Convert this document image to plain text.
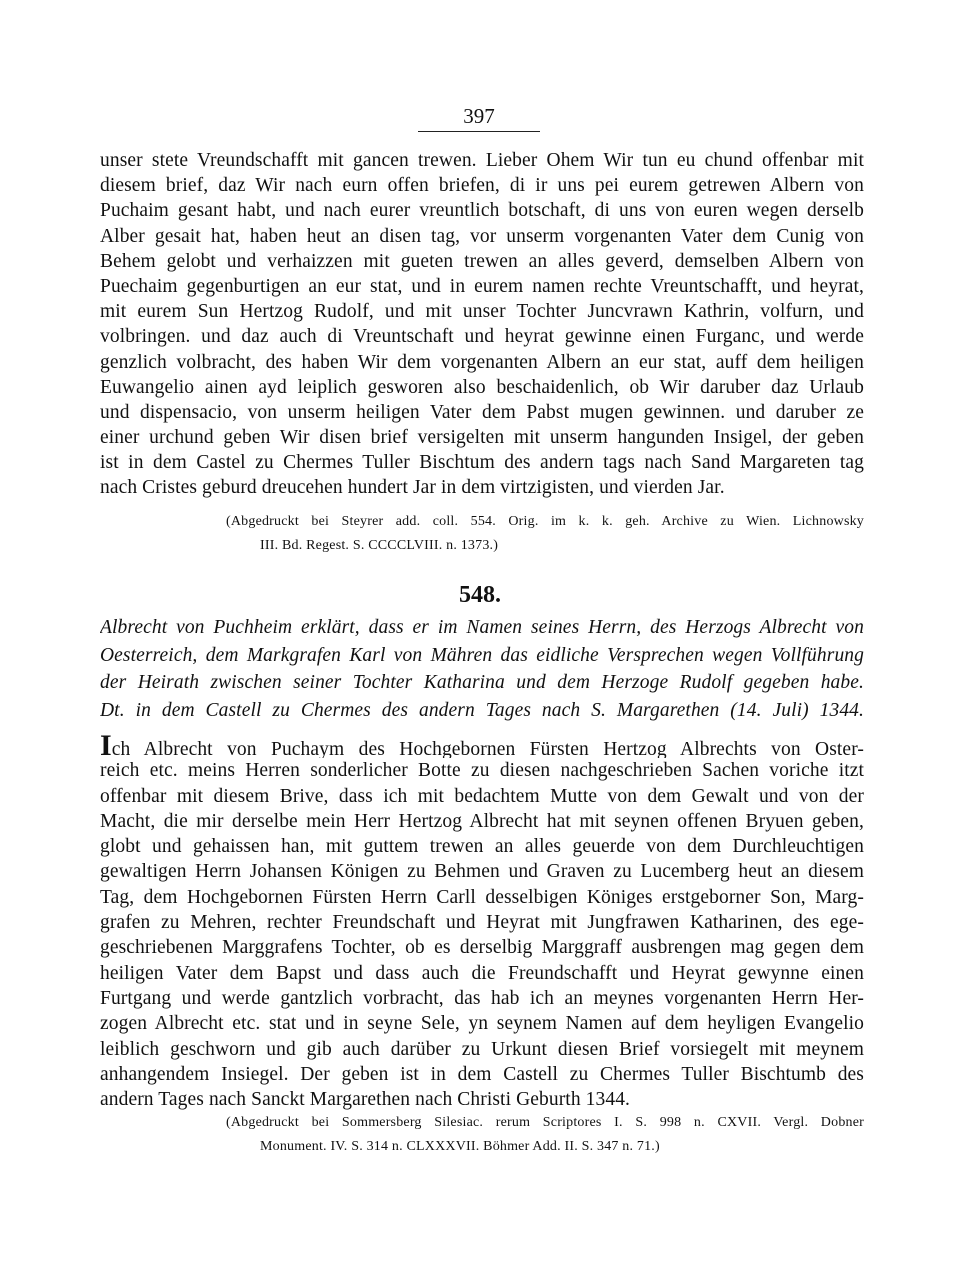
397
unser stete Vreundschafft mit gancen trewen. Lieber Ohem Wir tun eu chund offenbar mit
diesem brief, daz Wir nach eurn offen briefen, di ir uns pei eurem getrewen Albern von
Puchaim gesant habt, und nach eurer vreuntlich botschaft, di uns von euren wegen derselb
Alber gesait hat, haben heut an disen tag, vor unserm vorgenanten Vater dem Cunig von
Behem gelobt und verhaizzen mit gueten trewen an alles geverd, demselben Albern von
Puechaim gegenburtigen an eur stat, und in eurem namen rechte Vreuntschafft, und heyrat,
mit eurem Sun Hertzog Rudolf, und mit unser Tochter Juncvrawn Kathrin, volfurn, und
volbringen. und daz auch di Vreuntschaft und heyrat gewinne einen Furganc, und werde
genzlich volbracht, des haben Wir dem vorgenanten Albern an eur stat, auff dem heiligen
Euwangelio ainen ayd leiplich gesworen also beschaidenlich, ob Wir daruber daz Urlaub
und dispensacio, von unserm heiligen Vater dem Pabst mugen gewinnen. und daruber ze
einer urchund geben Wir disen brief versigelten mit unserm hangunden Insigel, der geben
ist in dem Castel zu Chermes Tuller Bischtum des andern tags nach Sand Margareten tag
nach Cristes geburd dreucehen hundert Jar in dem virtzigisten, und vierden Jar.
(Abgedruckt bei Steyrer add. coll. 554. Orig. im k. k. geh. Archive zu Wien. Lichnowsky
III. Bd. Regest. S. CCCCLVIII. n. 1373.)
548.
Albrecht von Puchheim erklärt, dass er im Namen seines Herrn, des Herzogs Albrecht von
Oesterreich, dem Markgrafen Karl von Mähren das eidliche Versprechen wegen Vollführung
der Heirath zwischen seiner Tochter Katharina und dem Herzoge Rudolf gegeben habe.
Dt. in dem Castell zu Chermes des andern Tages nach S. Margarethen (14. Juli) 1344.
Ich Albrecht von Puchaym des Hochgebornen Fürsten Hertzog Albrechts von Oster-
reich etc. meins Herren sonderlicher Botte zu diesen nachgeschrieben Sachen voriche itzt
offenbar mit diesem Brive, dass ich mit bedachtem Mutte von dem Gewalt und von der
Macht, die mir derselbe mein Herr Hertzog Albrecht hat mit seynen offenen Bryuen geben,
globt und gehaissen han, mit guttem trewen an alles geuerde von dem Durchleuchtigen
gewaltigen Herrn Johansen Königen zu Behmen und Graven zu Lucemberg heut an diesem
Tag, dem Hochgebornen Fürsten Herrn Carll desselbigen Königes erstgeborner Son, Marg-
grafen zu Mehren, rechter Freundschaft und Heyrat mit Jungfrawen Katharinen, des ege-
geschriebenen Marggrafens Tochter, ob es derselbig Marggraff ausbrengen mag gegen dem
heiligen Vater dem Bapst und dass auch die Freundschafft und Heyrat gewynne einen
Furtgang und werde gantzlich vorbracht, das hab ich an meynes vorgenanten Herrn Her-
zogen Albrecht etc. stat und in seyne Sele, yn seynem Namen auf dem heyligen Evangelio
leiblich geschworn und gib auch darüber zu Urkunt diesen Brief vorsiegelt mit meynem
anhangendem Insiegel. Der geben ist in dem Castell zu Chermes Tuller Bischtumb des
andern Tages nach Sanckt Margarethen nach Christi Geburth 1344.
(Abgedruckt bei Sommersberg Silesiac. rerum Scriptores I. S. 998 n. CXVII. Vergl. Dobner
Monument. IV. S. 314 n. CLXXXVII. Böhmer Add. II. S. 347 n. 71.)
